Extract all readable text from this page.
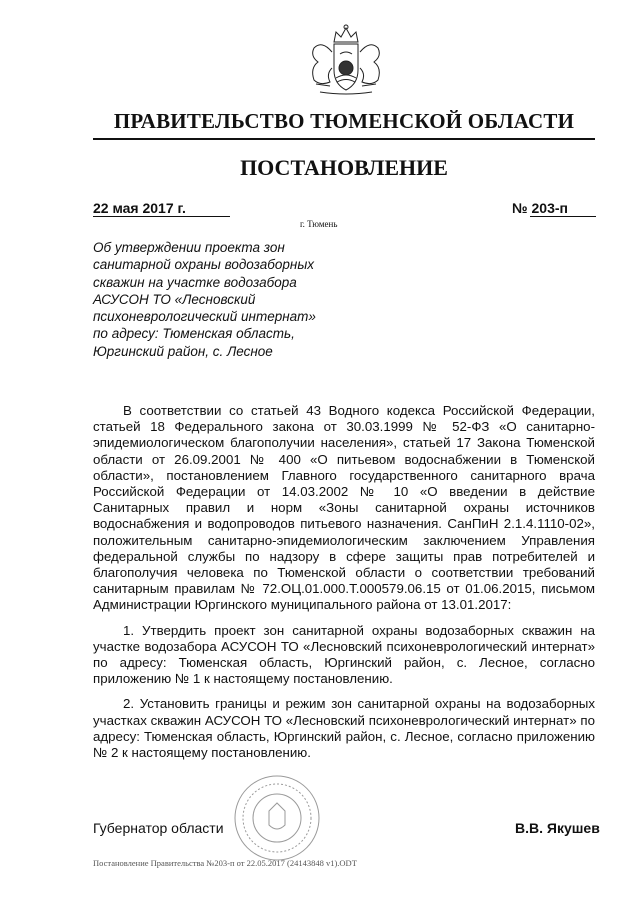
ПРАВИТЕЛЬСТВО ТЮМЕНСКОЙ ОБЛАСТИ
ПОСТАНОВЛЕНИЕ
22 мая 2017 г.	№ 203-п
г. Тюмень
Об утверждении проекта зон
санитарной охраны водозаборных
скважин на участке водозабора
АСУСОН ТО «Лесновский
психоневрологический интернат»
по адресу: Тюменская область,
Юргинский район, с. Лесное

В соответствии со статьей 43 Водного кодекса Российской Федерации, статьей 18 Федерального закона от 30.03.1999 № 52-ФЗ «О санитарно-эпидемиологическом благополучии населения», статьей 17 Закона Тюменской области от 26.09.2001 № 400 «О питьевом водоснабжении в Тюменской области», постановлением Главного государственного санитарного врача Российской Федерации от 14.03.2002 № 10 «О введении в действие Санитарных правил и норм «Зоны санитарной охраны источников водоснабжения и водопроводов питьевого назначения. СанПиН 2.1.4.1110-02», положительным санитарно-эпидемиологическим заключением Управления федеральной службы по надзору в сфере защиты прав потребителей и благополучия человека по Тюменской области о соответствии требований санитарным правилам № 72.ОЦ.01.000.Т.000579.06.15 от 01.06.2015, письмом Администрации Юргинского муниципального района от 13.01.2017:

1. Утвердить проект зон санитарной охраны водозаборных скважин на участке водозабора АСУСОН ТО «Лесновский психоневрологический интернат» по адресу: Тюменская область, Юргинский район, с. Лесное, согласно приложению № 1 к настоящему постановлению.

2. Установить границы и режим зон санитарной охраны на водозаборных участках скважин АСУСОН ТО «Лесновский психоневрологический интернат» по адресу: Тюменская область, Юргинский район, с. Лесное, согласно приложению № 2 к настоящему постановлению.

Губернатор области	В.В. Якушев
Постановление Правительства №203-п от 22.05.2017 (24143848 v1).ODT
